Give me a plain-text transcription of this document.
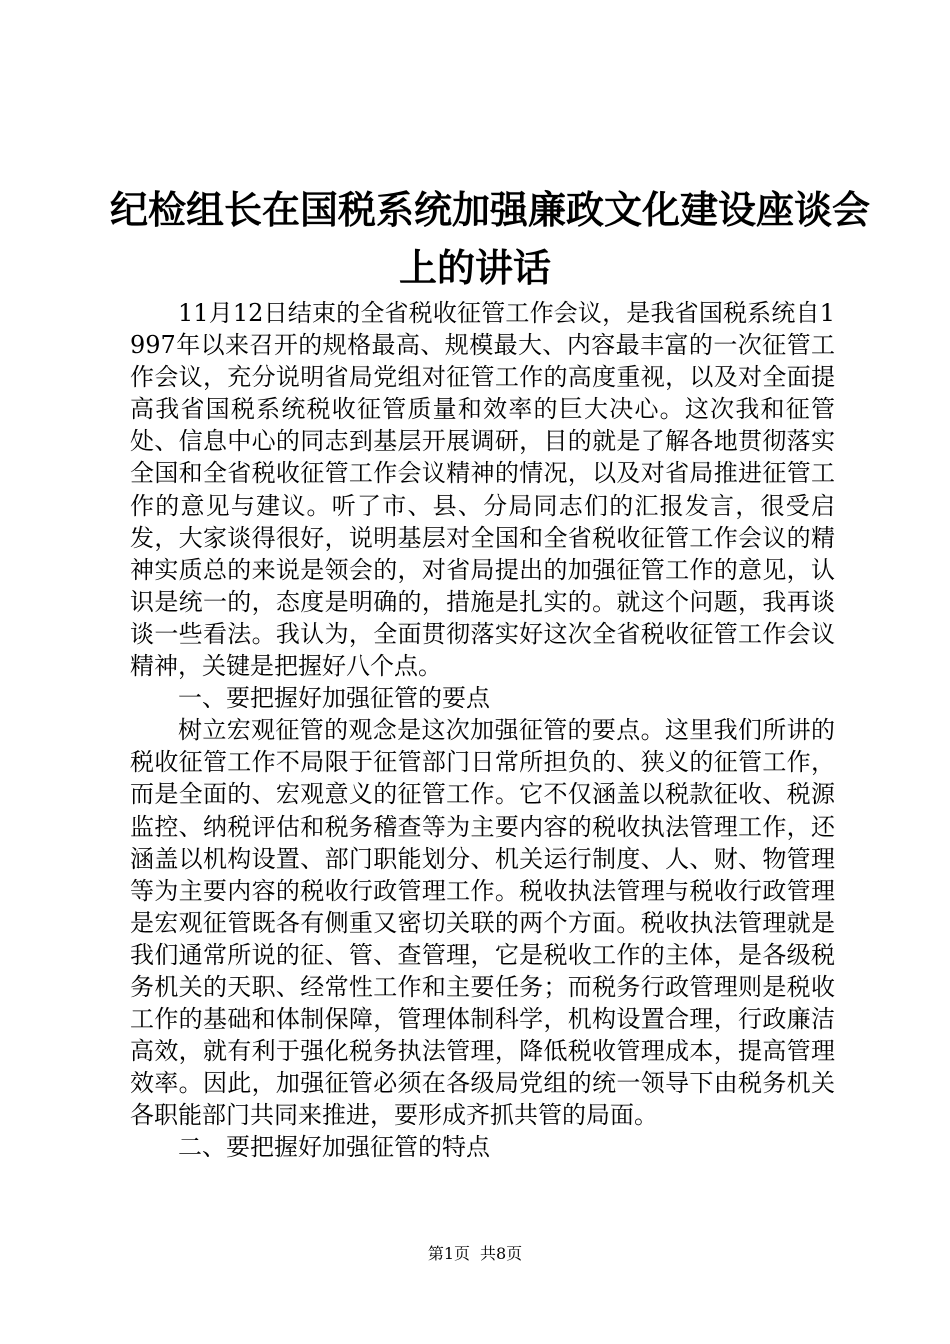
纪检组长在国税系统加强廉政文化建设座谈会
上的讲话

11月12日结束的全省税收征管工作会议，是我省国税系统自1997年以来召开的规格最高、规模最大、内容最丰富的一次征管工作会议，充分说明省局党组对征管工作的高度重视，以及对全面提高我省国税系统税收征管质量和效率的巨大决心。这次我和征管处、信息中心的同志到基层开展调研，目的就是了解各地贯彻落实全国和全省税收征管工作会议精神的情况，以及对省局推进征管工作的意见与建议。听了市、县、分局同志们的汇报发言，很受启发，大家谈得很好，说明基层对全国和全省税收征管工作会议的精神实质总的来说是领会的，对省局提出的加强征管工作的意见，认识是统一的，态度是明确的，措施是扎实的。就这个问题，我再谈谈一些看法。我认为，全面贯彻落实好这次全省税收征管工作会议精神，关键是把握好八个点。

一、要把握好加强征管的要点

树立宏观征管的观念是这次加强征管的要点。这里我们所讲的税收征管工作不局限于征管部门日常所担负的、狭义的征管工作，而是全面的、宏观意义的征管工作。它不仅涵盖以税款征收、税源监控、纳税评估和税务稽查等为主要内容的税收执法管理工作，还涵盖以机构设置、部门职能划分、机关运行制度、人、财、物管理等为主要内容的税收行政管理工作。税收执法管理与税收行政管理是宏观征管既各有侧重又密切关联的两个方面。税收执法管理就是我们通常所说的征、管、查管理，它是税收工作的主体，是各级税务机关的天职、经常性工作和主要任务；而税务行政管理则是税收工作的基础和体制保障，管理体制科学，机构设置合理，行政廉洁高效，就有利于强化税务执法管理，降低税收管理成本，提高管理效率。因此，加强征管必须在各级局党组的统一领导下由税务机关各职能部门共同来推进，要形成齐抓共管的局面。

二、要把握好加强征管的特点

第1页 共8页
